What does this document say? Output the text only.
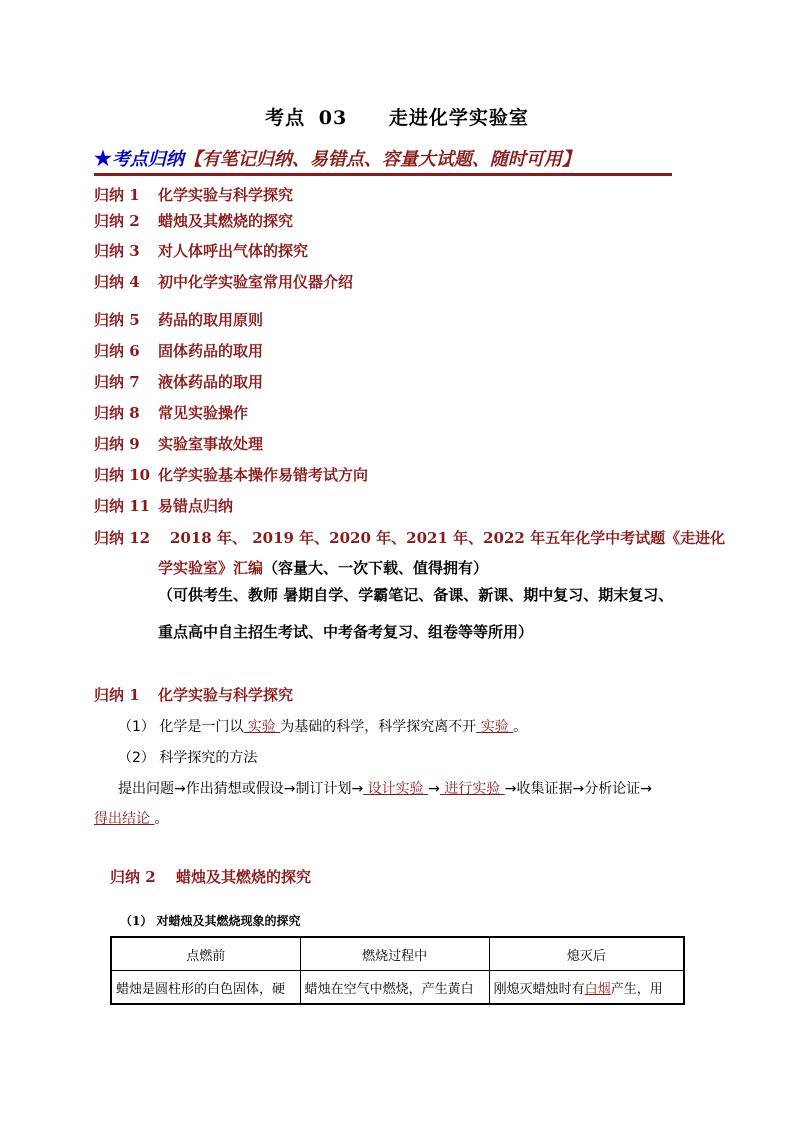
考点 03 走进化学实验室
★考点归纳【有笔记归纳、易错点、容量大试题、随时可用】
归纳 1 化学实验与科学探究
归纳 2 蜡烛及其燃烧的探究
归纳 3 对人体呼出气体的探究
归纳 4 初中化学实验室常用仪器介绍
归纳 5 药品的取用原则
归纳 6 固体药品的取用
归纳 7 液体药品的取用
归纳 8 常见实验操作
归纳 9 实验室事故处理
归纳 10 化学实验基本操作易错考试方向
归纳 11 易错点归纳
归纳 12 2018 年、 2019 年、2020 年、2021 年、2022 年五年化学中考试题《走进化
学实验室》汇编（容量大、一次下载、值得拥有）
（可供考生、教师 暑期自学、学霸笔记、备课、新课、期中复习、期末复习、
重点高中自主招生考试、中考备考复习、组卷等等所用）
归纳 1 化学实验与科学探究
（1） 化学是一门以 实验 为基础的科学，科学探究离不开 实验 。
（2） 科学探究的方法
提出问题→作出猜想或假设→制订计划→ 设计实验 → 进行实验 →收集证据→分析论证→
得出结论 。
归纳 2 蜡烛及其燃烧的探究
（1） 对蜡烛及其燃烧现象的探究
点燃前	燃烧过程中	熄灭后
蜡烛是圆柱形的白色固体，硬	蜡烛在空气中燃烧，产生黄白	刚熄灭蜡烛时有白烟产生，用
